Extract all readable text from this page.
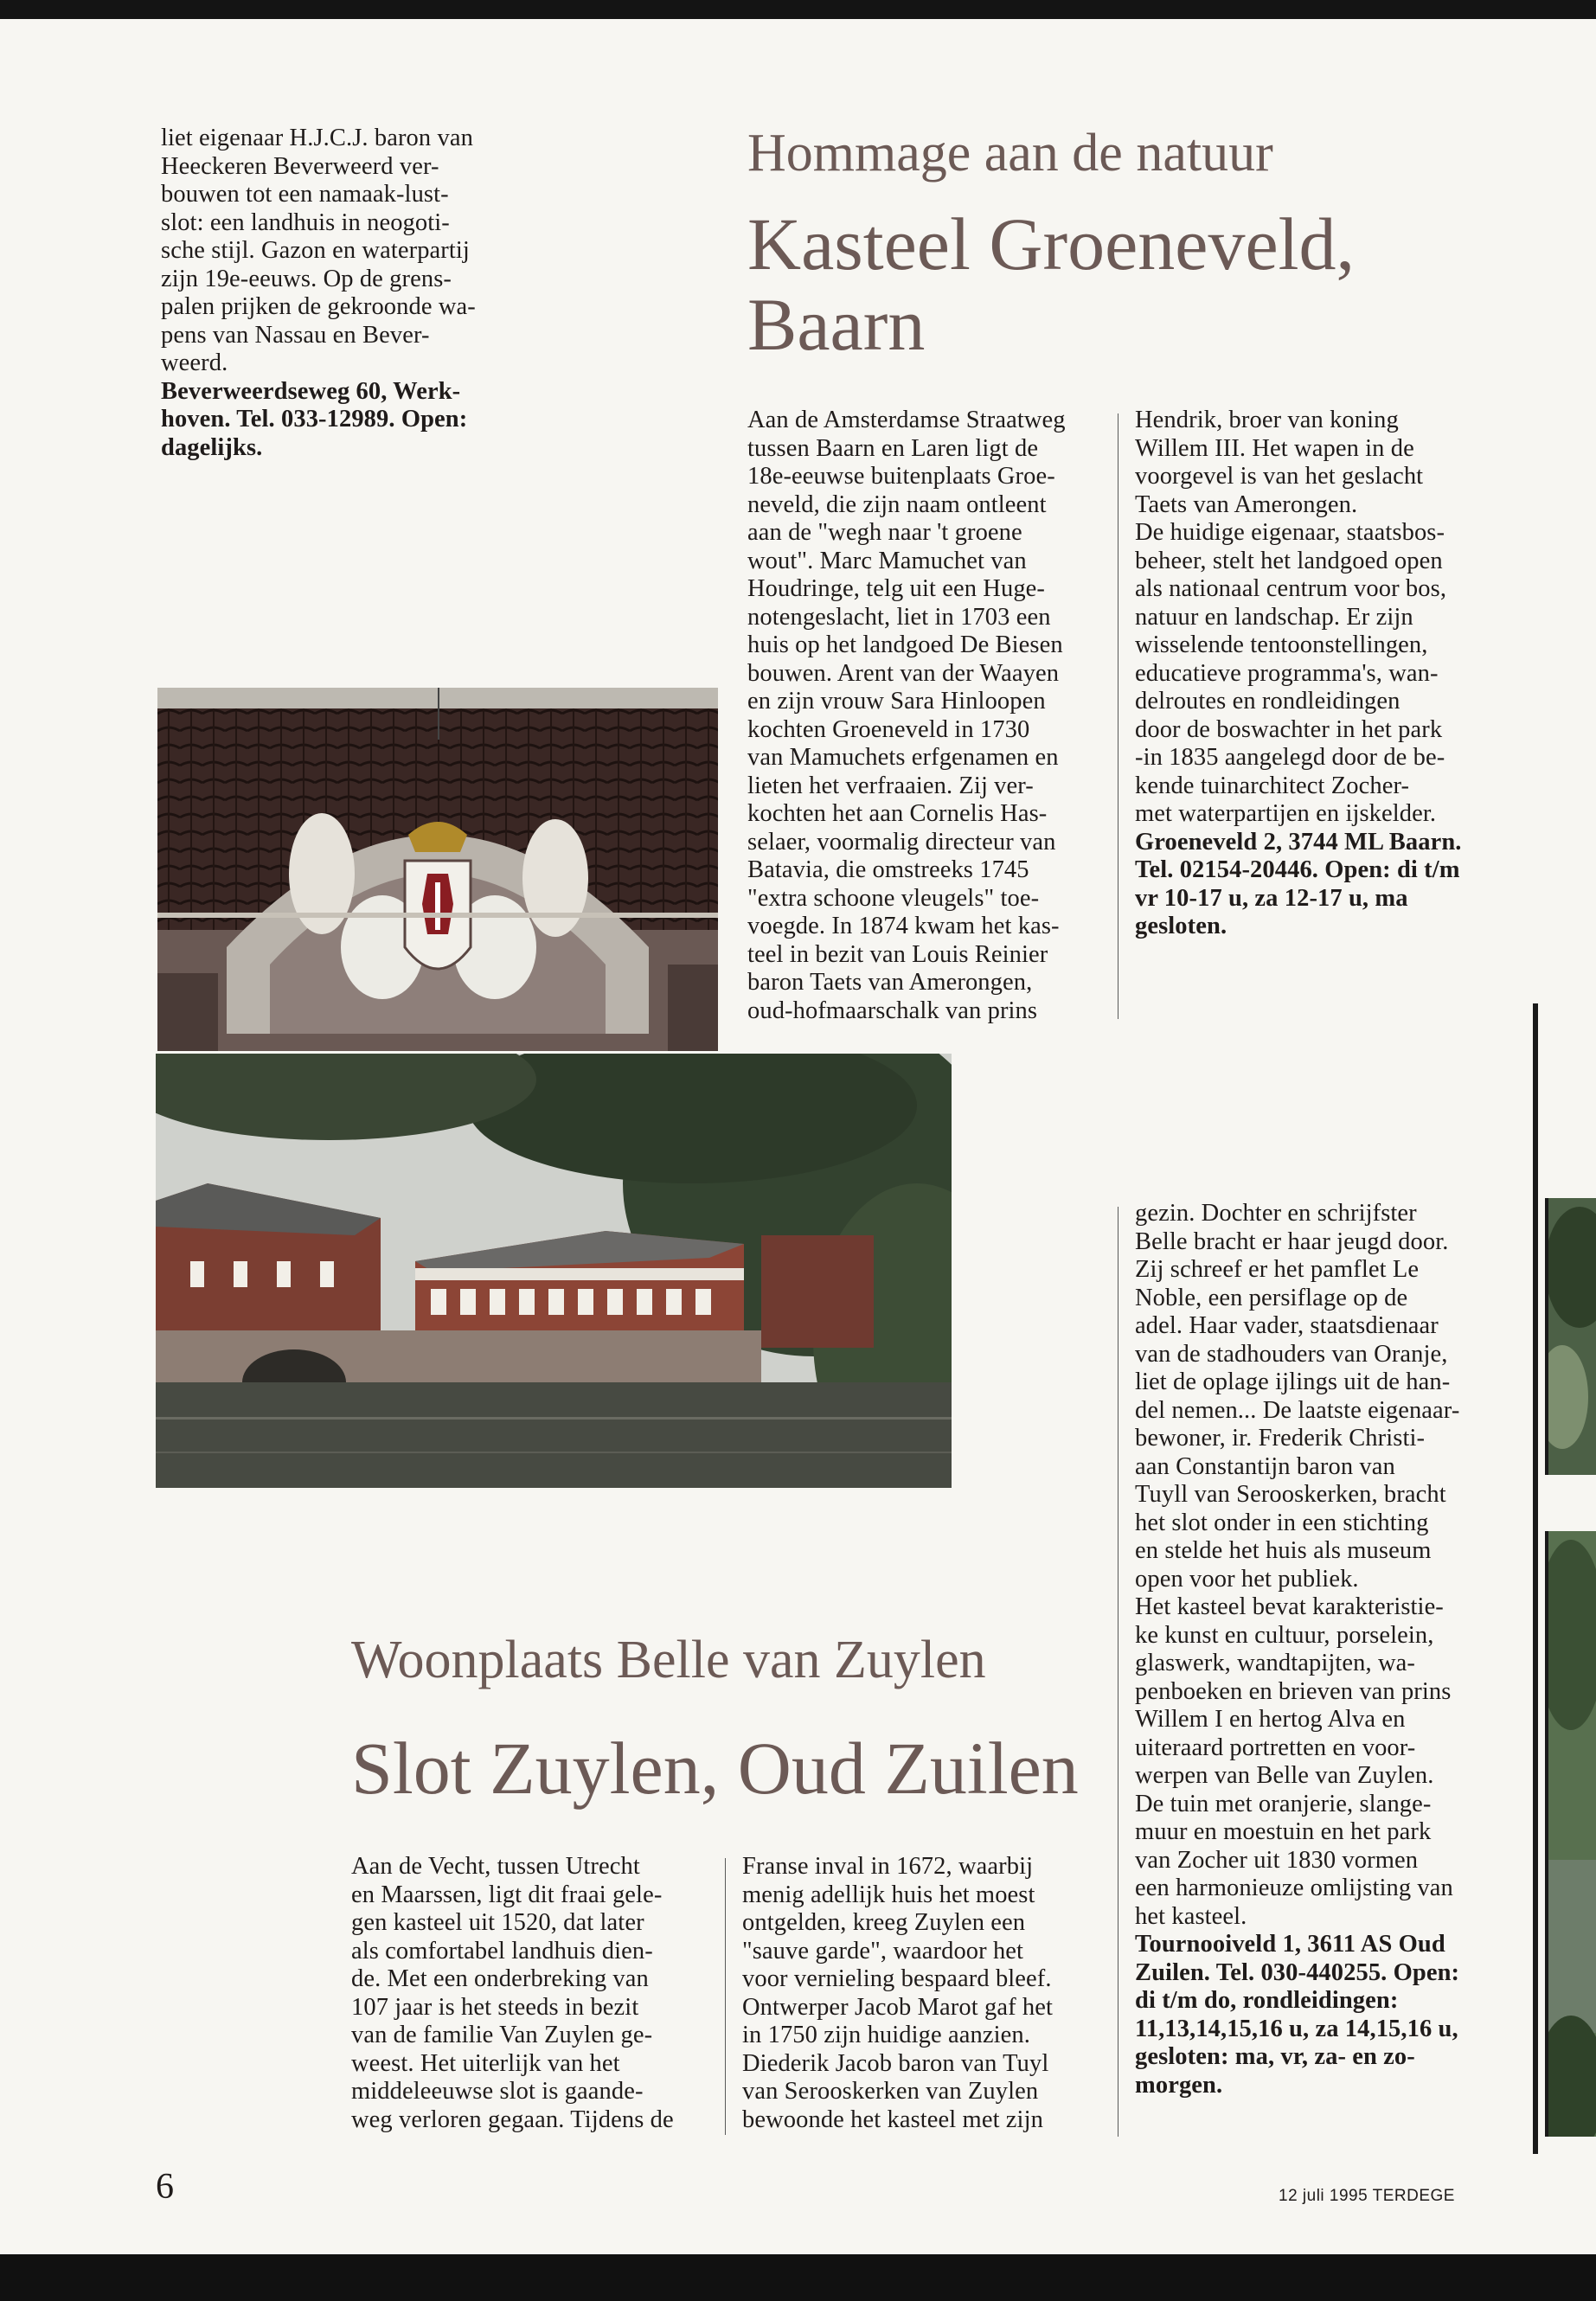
liet eigenaar H.J.C.J. baron van
Heeckeren Beverweerd ver-
bouwen tot een namaak-lust-
slot: een landhuis in neogoti-
sche stijl. Gazon en waterpartij
zijn 19e-eeuws. Op de grens-
palen prijken de gekroonde wa-
pens van Nassau en Bever-
weerd.

Beverweerdseweg 60, Werk-
hoven. Tel. 033-12989. Open:
dagelijks.

Hommage aan de natuur
Kasteel Groeneveld,
Baarn

Aan de Amsterdamse Straatweg
tussen Baarn en Laren ligt de
18e-eeuwse buitenplaats Groe-
neveld, die zijn naam ontleent
aan de "wegh naar 't groene
wout". Marc Mamuchet van
Houdringe, telg uit een Huge-
notengeslacht, liet in 1703 een
huis op het landgoed De Biesen
bouwen. Arent van der Waayen
en zijn vrouw Sara Hinloopen
kochten Groeneveld in 1730
van Mamuchets erfgenamen en
lieten het verfraaien. Zij ver-
kochten het aan Cornelis Has-
selaer, voormalig directeur van
Batavia, die omstreeks 1745
"extra schoone vleugels" toe-
voegde. In 1874 kwam het kas-
teel in bezit van Louis Reinier
baron Taets van Amerongen,
oud-hofmaarschalk van prins

Hendrik, broer van koning
Willem III. Het wapen in de
voorgevel is van het geslacht
Taets van Amerongen.
De huidige eigenaar, staatsbos-
beheer, stelt het landgoed open
als nationaal centrum voor bos,
natuur en landschap. Er zijn
wisselende tentoonstellingen,
educatieve programma's, wan-
delroutes en rondleidingen
door de boswachter in het park
-in 1835 aangelegd door de be-
kende tuinarchitect Zocher-
met waterpartijen en ijskelder.

Groeneveld 2, 3744 ML Baarn.
Tel. 02154-20446. Open: di t/m
vr 10-17 u, za 12-17 u, ma
gesloten.

Woonplaats Belle van Zuylen
Slot Zuylen, Oud Zuilen

Aan de Vecht, tussen Utrecht
en Maarssen, ligt dit fraai gele-
gen kasteel uit 1520, dat later
als comfortabel landhuis dien-
de. Met een onderbreking van
107 jaar is het steeds in bezit
van de familie Van Zuylen ge-
weest. Het uiterlijk van het
middeleeuwse slot is gaande-
weg verloren gegaan. Tijdens de

Franse inval in 1672, waarbij
menig adellijk huis het moest
ontgelden, kreeg Zuylen een
"sauve garde", waardoor het
voor vernieling bespaard bleef.
Ontwerper Jacob Marot gaf het
in 1750 zijn huidige aanzien.
Diederik Jacob baron van Tuyl
van Serooskerken van Zuylen
bewoonde het kasteel met zijn

gezin. Dochter en schrijfster
Belle bracht er haar jeugd door.
Zij schreef er het pamflet Le
Noble, een persiflage op de
adel. Haar vader, staatsdienaar
van de stadhouders van Oranje,
liet de oplage ijlings uit de han-
del nemen... De laatste eigenaar-
bewoner, ir. Frederik Christi-
aan Constantijn baron van
Tuyll van Serooskerken, bracht
het slot onder in een stichting
en stelde het huis als museum
open voor het publiek.
Het kasteel bevat karakteristie-
ke kunst en cultuur, porselein,
glaswerk, wandtapijten, wa-
penboeken en brieven van prins
Willem I en hertog Alva en
uiteraard portretten en voor-
werpen van Belle van Zuylen.
De tuin met oranjerie, slange-
muur en moestuin en het park
van Zocher uit 1830 vormen
een harmonieuze omlijsting van
het kasteel.

Tournooiveld 1, 3611 AS Oud
Zuilen. Tel. 030-440255. Open:
di t/m do, rondleidingen:
11,13,14,15,16 u, za 14,15,16 u,
gesloten: ma, vr, za- en zo-
morgen.

6	12 juli 1995 TERDEGE
